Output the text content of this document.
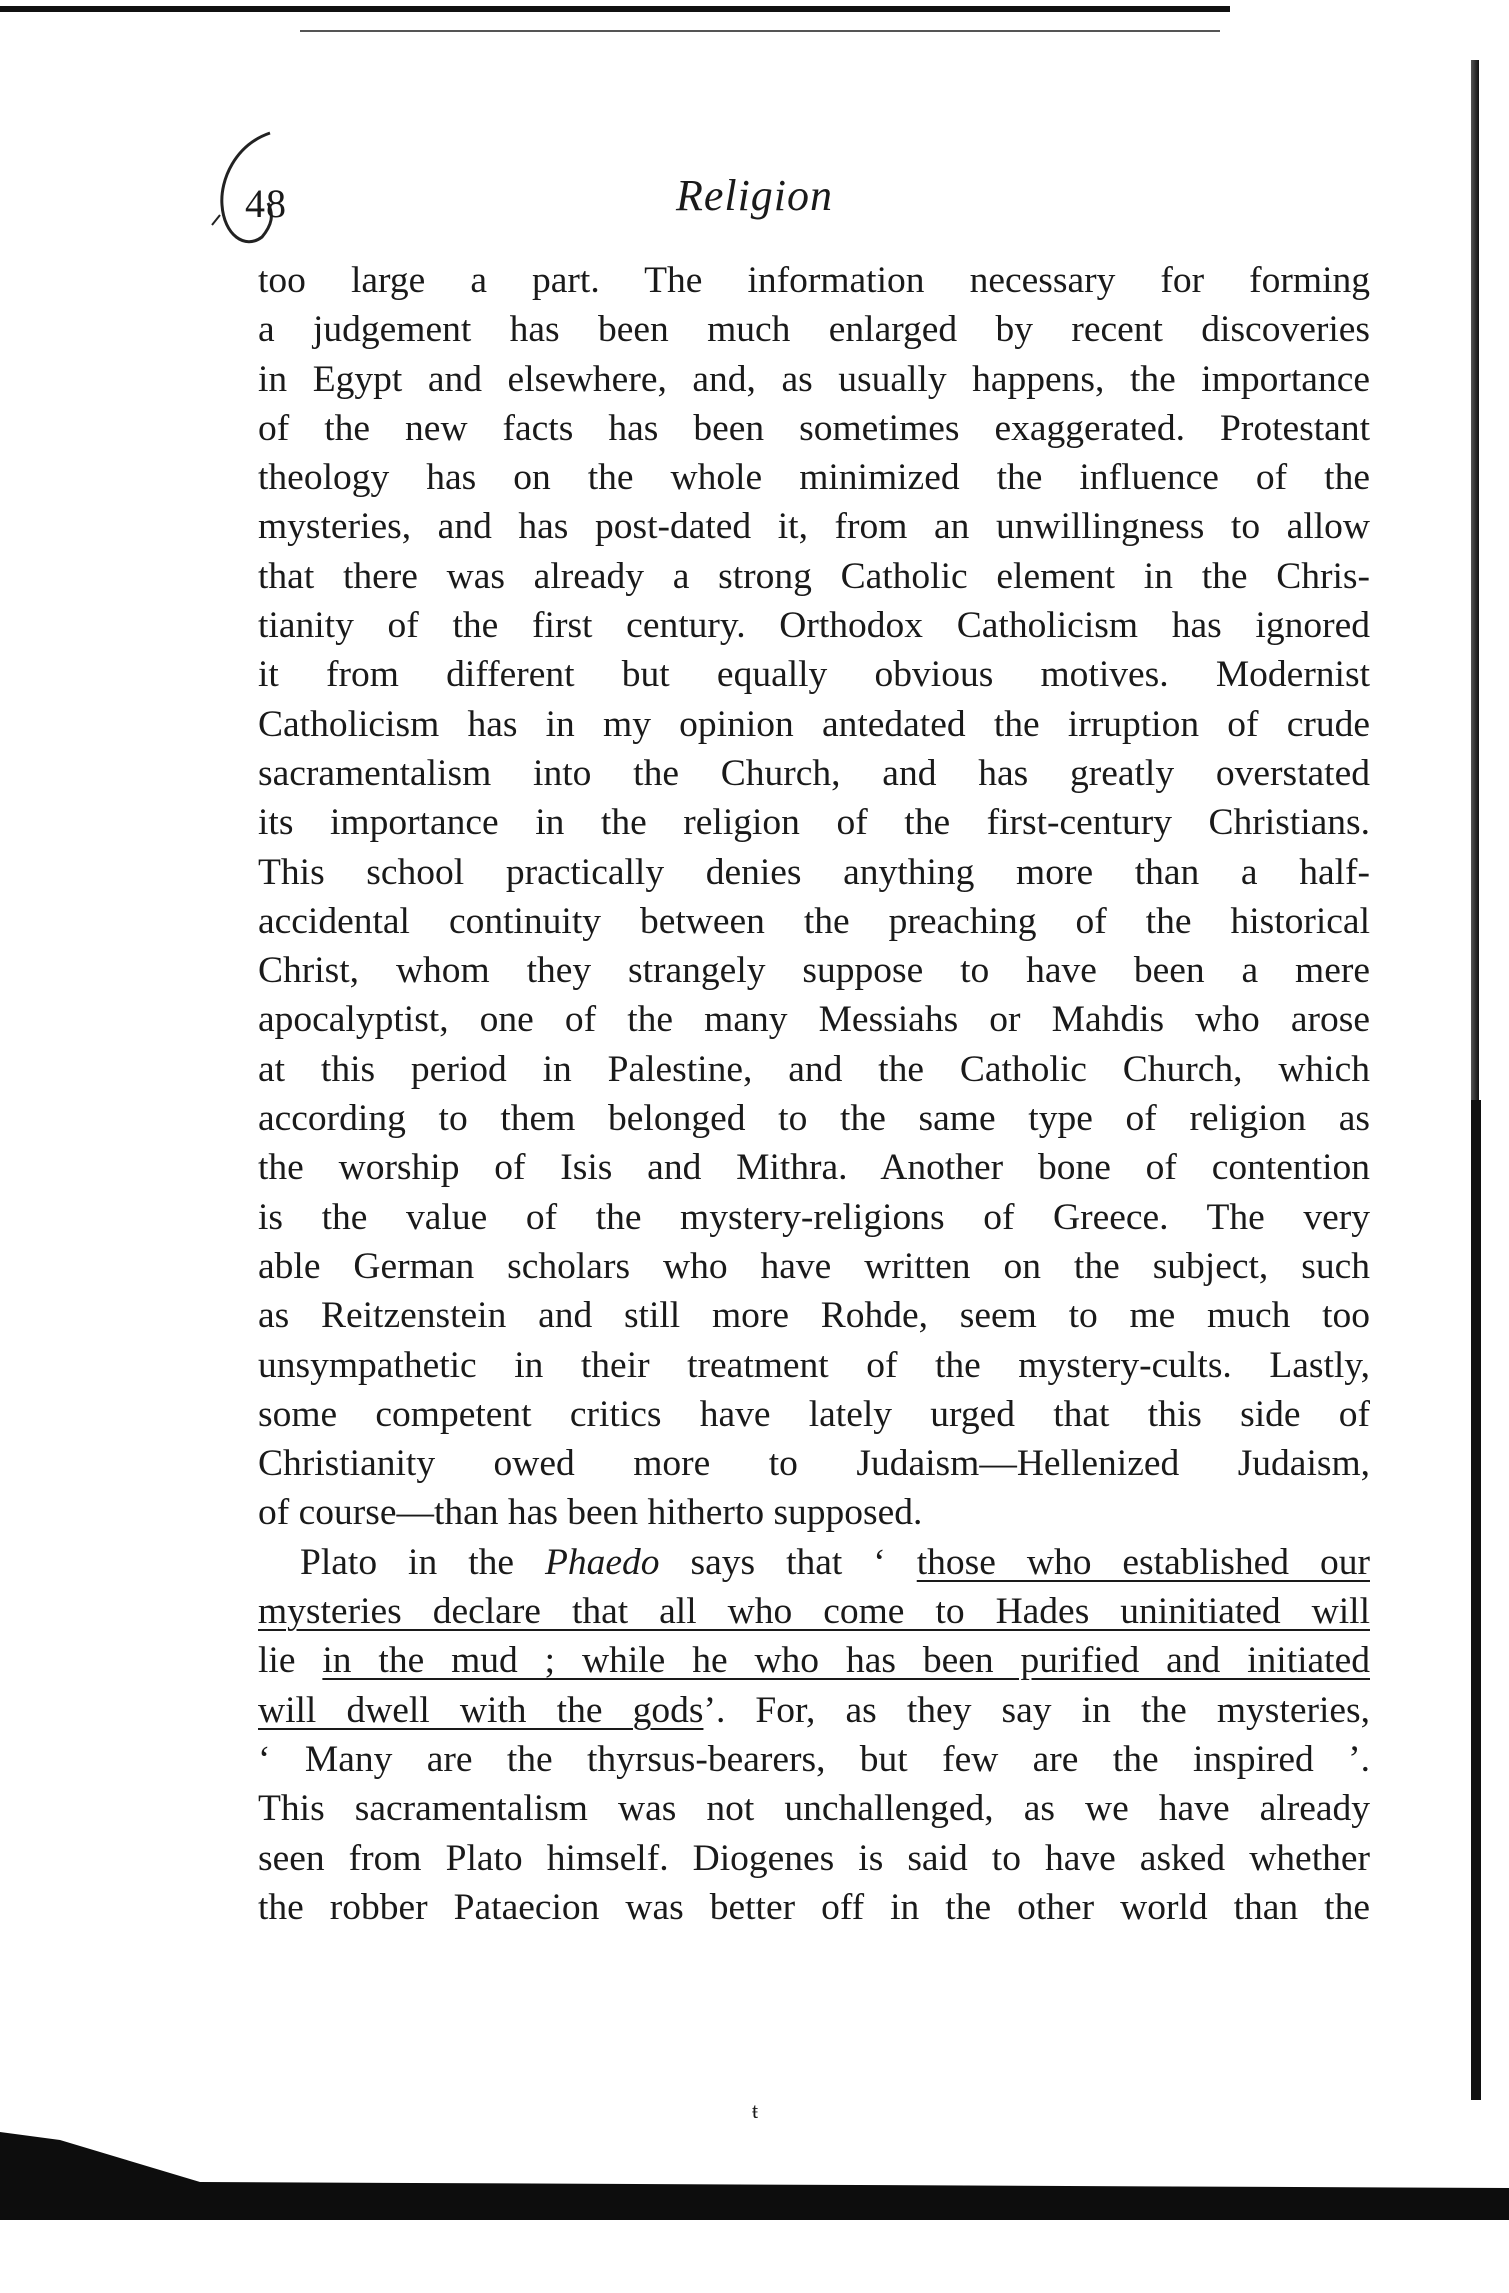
48	Religion
too large a part. The information necessary for forming
a judgement has been much enlarged by recent discoveries
in Egypt and elsewhere, and, as usually happens, the importance
of the new facts has been sometimes exaggerated. Protestant
theology has on the whole minimized the influence of the
mysteries, and has post-dated it, from an unwillingness to allow
that there was already a strong Catholic element in the Chris-
tianity of the first century. Orthodox Catholicism has ignored
it from different but equally obvious motives. Modernist
Catholicism has in my opinion antedated the irruption of crude
sacramentalism into the Church, and has greatly overstated
its importance in the religion of the first-century Christians.
This school practically denies anything more than a half-
accidental continuity between the preaching of the historical
Christ, whom they strangely suppose to have been a mere
apocalyptist, one of the many Messiahs or Mahdis who arose
at this period in Palestine, and the Catholic Church, which
according to them belonged to the same type of religion as
the worship of Isis and Mithra. Another bone of contention
is the value of the mystery-religions of Greece. The very
able German scholars who have written on the subject, such
as Reitzenstein and still more Rohde, seem to me much too
unsympathetic in their treatment of the mystery-cults. Lastly,
some competent critics have lately urged that this side of
Christianity owed more to Judaism—Hellenized Judaism,
of course—than has been hitherto supposed.
Plato in the Phaedo says that ‘ those who established our
mysteries declare that all who come to Hades uninitiated will
lie in the mud ; while he who has been purified and initiated
will dwell with the gods’. For, as they say in the mysteries,
‘ Many are the thyrsus-bearers, but few are the inspired ’.
This sacramentalism was not unchallenged, as we have already
seen from Plato himself. Diogenes is said to have asked whether
the robber Pataecion was better off in the other world than the
ŧ
